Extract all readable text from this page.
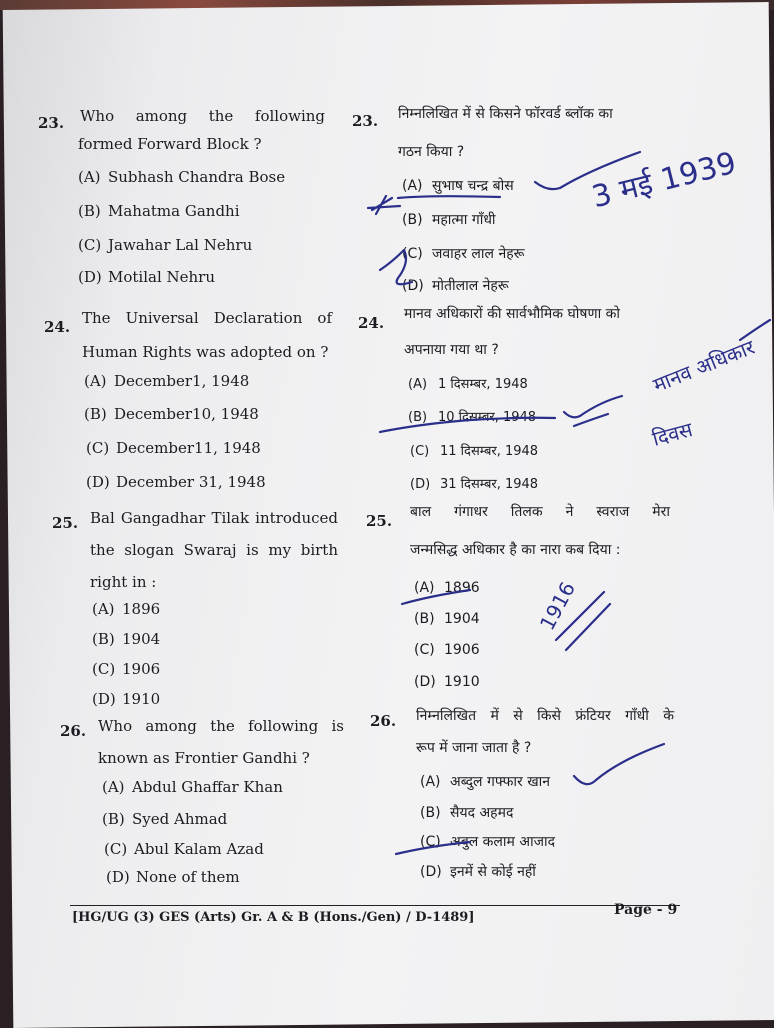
23. Who among the following
formed Forward Block ?
(A) Subhash Chandra Bose
(B) Mahatma Gandhi
(C) Jawahar Lal Nehru
(D) Motilal Nehru
23. निम्नलिखित में से किसने फॉरवर्ड ब्लॉक का
गठन किया ?
(A) सुभाष चन्द्र बोस
(B) महात्मा गाँधी
(C) जवाहर लाल नेहरू
(D) मोतीलाल नेहरू
24. The Universal Declaration of
Human Rights was adopted on ?
(A) December1, 1948
(B) December10, 1948
(C) December11, 1948
(D) December 31, 1948
24. मानव अधिकारों की सार्वभौमिक घोषणा को
अपनाया गया था ?
(A) 1 दिसम्बर, 1948
(B) 10 दिसम्बर, 1948
(C) 11 दिसम्बर, 1948
(D) 31 दिसम्बर, 1948
25. Bal Gangadhar Tilak introduced
the slogan Swaraj is my birth
right in :
(A) 1896
(B) 1904
(C) 1906
(D) 1910
25. बाल गंगाधर तिलक ने स्वराज मेरा
जन्मसिद्ध अधिकार है का नारा कब दिया :
(A) 1896
(B) 1904
(C) 1906
(D) 1910
26. Who among the following is
known as Frontier Gandhi ?
(A) Abdul Ghaffar Khan
(B) Syed Ahmad
(C) Abul Kalam Azad
(D) None of them
26. निम्नलिखित में से किसे फ्रंटियर गाँधी के
रूप में जाना जाता है ?
(A) अब्दुल गफ्फार खान
(B) सैयद अहमद
(C) अबुल कलाम आजाद
(D) इनमें से कोई नहीं
[HG/UG (3) GES (Arts) Gr. A & B (Hons./Gen) / D-1489]	Page - 9
3 मई 1939
मानव अधिकार
दिवस
1916
